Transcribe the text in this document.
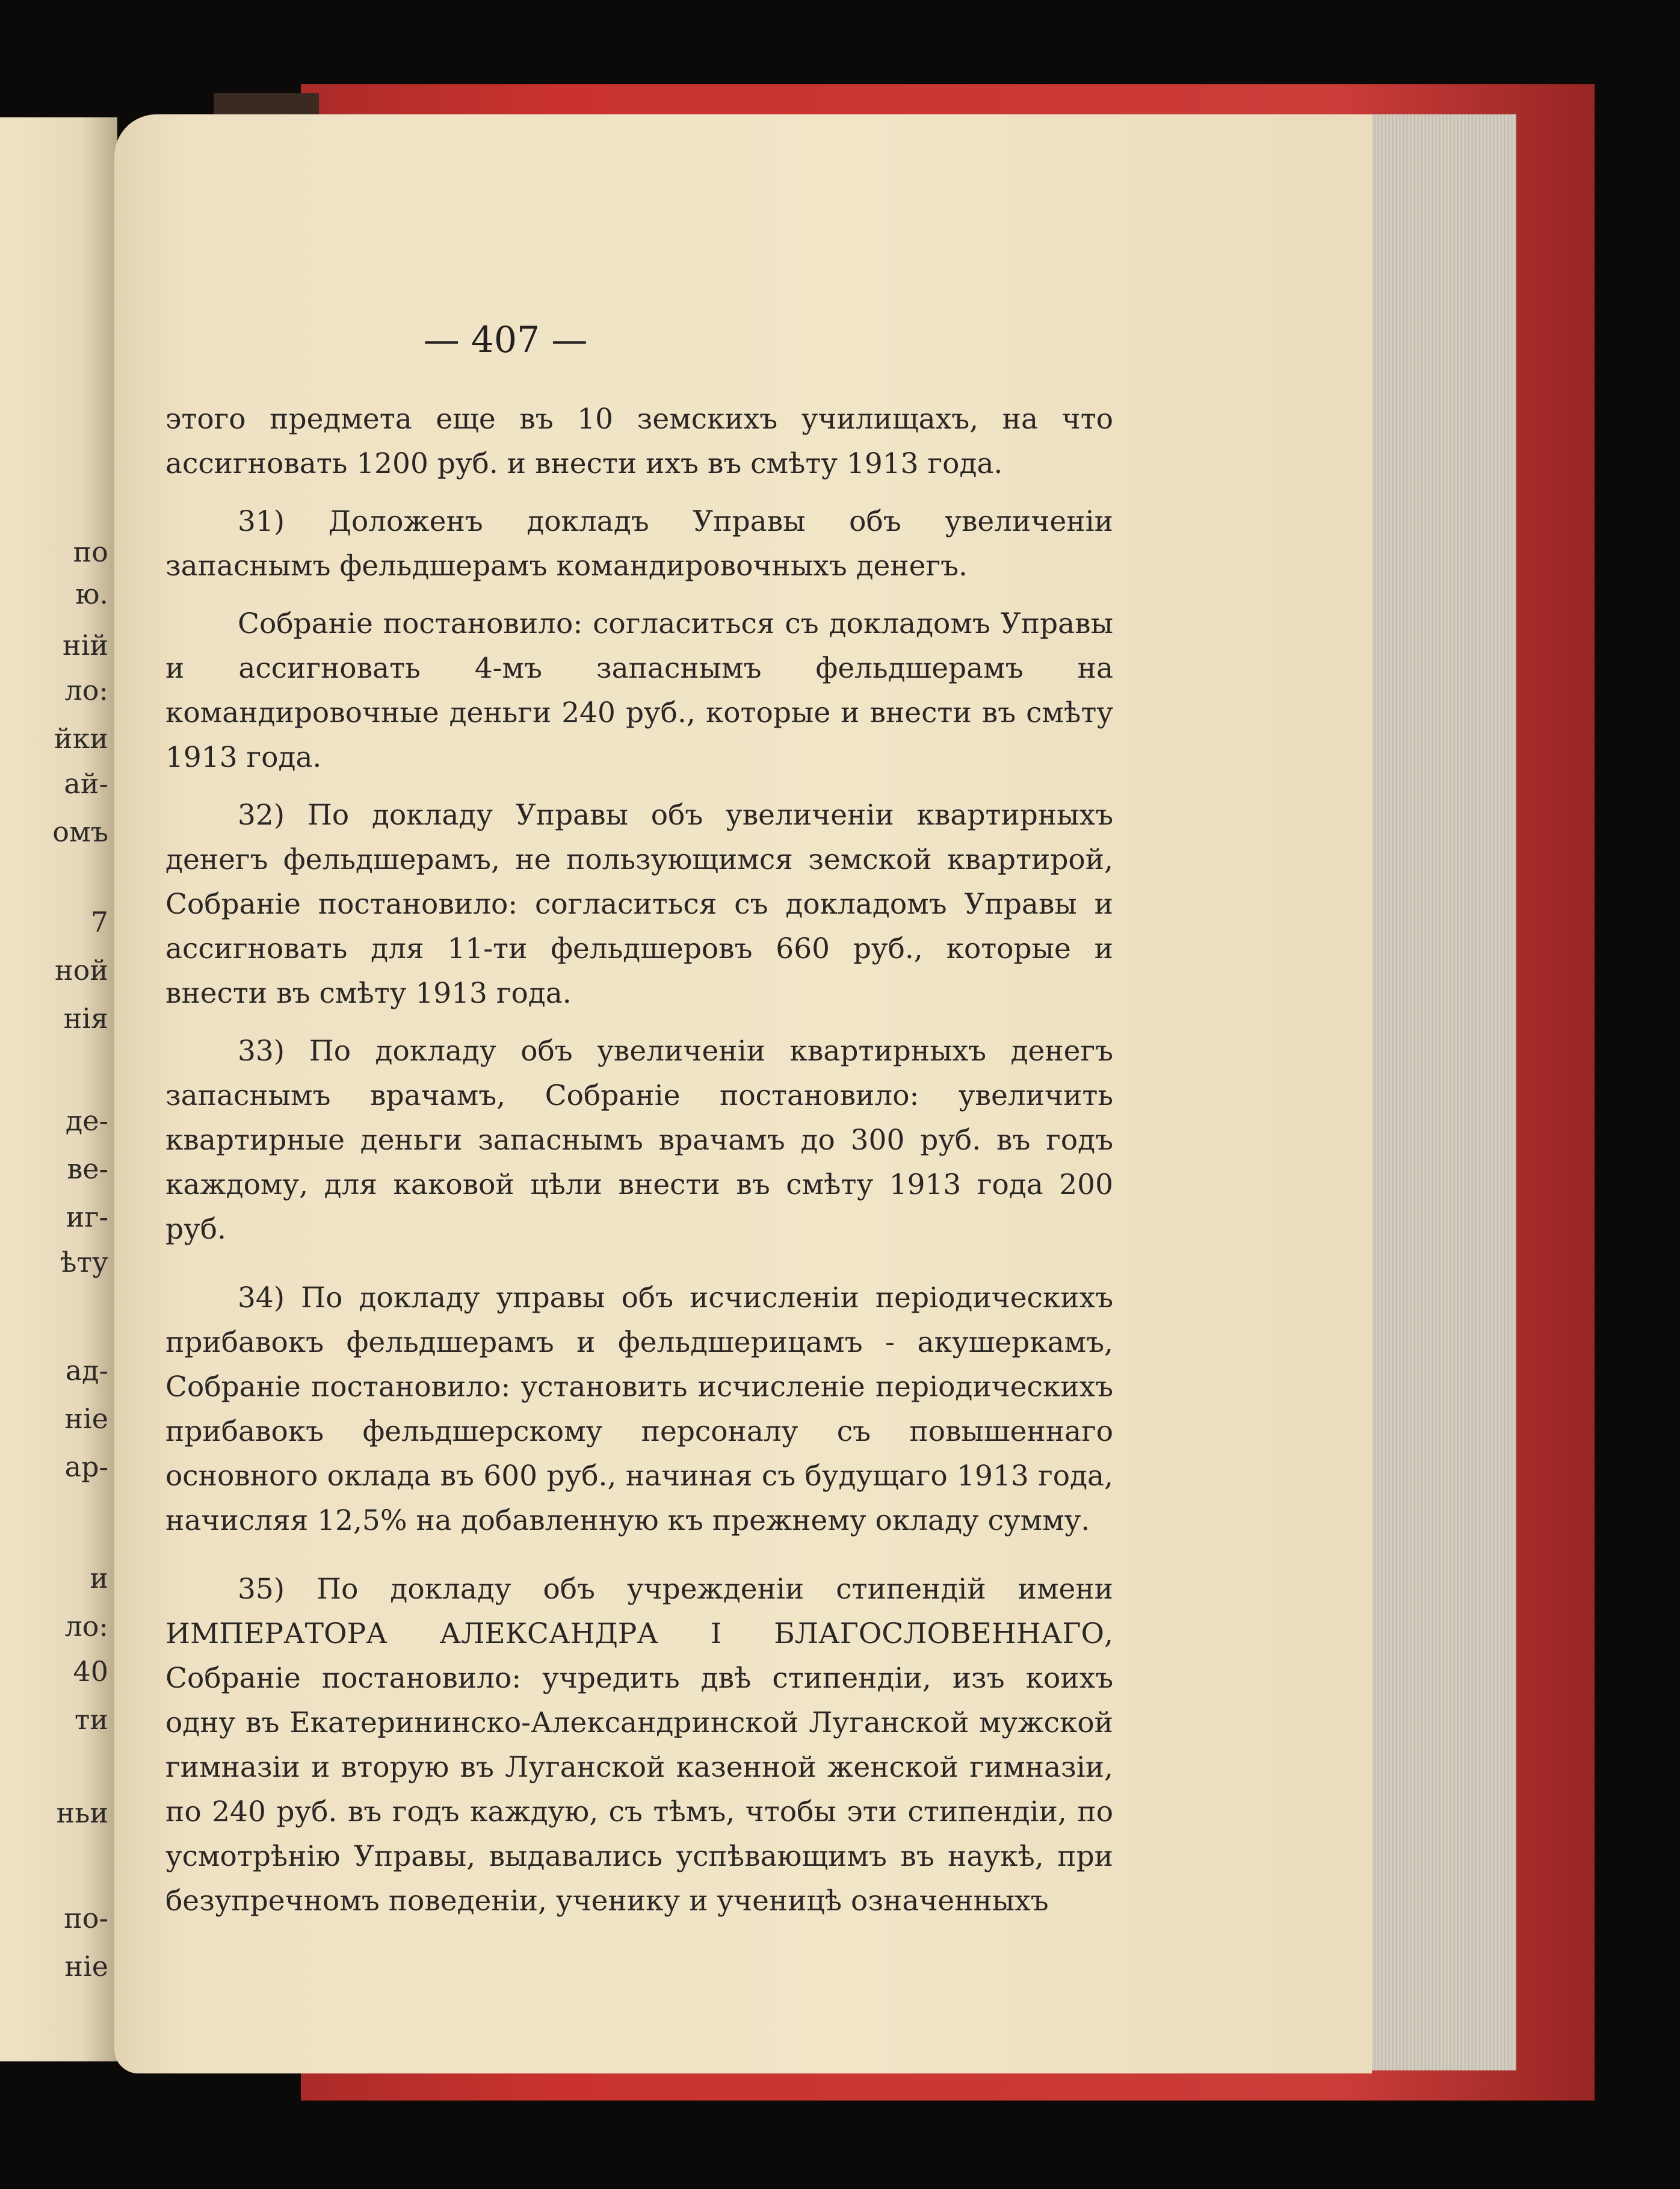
по
ю.
ній
ло:
йки
ай-
омъ
7
ной
нія
де-
ве-
иг-
ѣту
ад-
ніе
ар-
и
ло:
40
ти
ньи
по-
ніе
— 407 —

этого предмета еще въ 10 земскихъ училищахъ, на что ассигновать 1200 руб. и внести ихъ въ смѣту 1913 года.

31) Доложенъ докладъ Управы объ увеличеніи запаснымъ фельдшерамъ командировочныхъ денегъ.

Собраніе постановило: согласиться съ докладомъ Управы и ассигновать 4-мъ запаснымъ фельдшерамъ на командировочные деньги 240 руб., которые и внести въ смѣту 1913 года.

32) По докладу Управы объ увеличеніи квартирныхъ денегъ фельдшерамъ, не пользующимся земской квартирой, Собраніе постановило: согласиться съ докладомъ Управы и ассигновать для 11-ти фельдшеровъ 660 руб., которые и внести въ смѣту 1913 года.

33) По докладу объ увеличеніи квартирныхъ денегъ запаснымъ врачамъ, Собраніе постановило: увеличить квартирные деньги запаснымъ врачамъ до 300 руб. въ годъ каждому, для каковой цѣли внести въ смѣту 1913 года 200 руб.

34) По докладу управы объ исчисленіи періодическихъ прибавокъ фельдшерамъ и фельдшерицамъ - акушеркамъ, Собраніе постановило: установить исчисленіе періодическихъ прибавокъ фельдшерскому персоналу съ повышеннаго основного оклада въ 600 руб., начиная съ будущаго 1913 года, начисляя 12,5% на добавленную къ прежнему окладу сумму.

35) По докладу объ учрежденіи стипендій имени ИМПЕРАТОРА АЛЕКСАНДРА I БЛАГОСЛОВЕННАГО, Собраніе постановило: учредить двѣ стипендіи, изъ коихъ одну въ Екатерининско-Александринской Луганской мужской гимназіи и вторую въ Луганской казенной женской гимназіи, по 240 руб. въ годъ каждую, съ тѣмъ, чтобы эти стипендіи, по усмотрѣнію Управы, выдавались успѣвающимъ въ наукѣ, при безупречномъ поведеніи, ученику и ученицѣ означенныхъ
